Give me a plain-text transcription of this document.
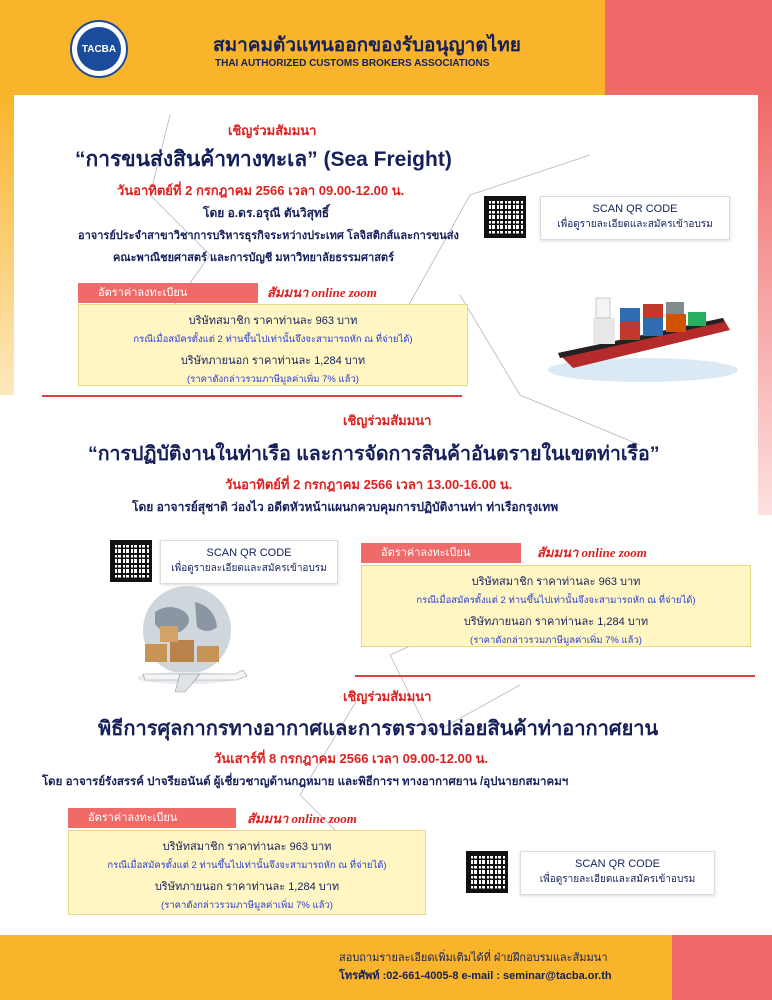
TACBA	สมาคมตัวแทนออกของรับอนุญาตไทย
THAI AUTHORIZED CUSTOMS BROKERS ASSOCIATIONS
เชิญร่วมสัมมนา
“การขนส่งสินค้าทางทะเล” (Sea Freight)
วันอาทิตย์ที่ 2 กรกฎาคม 2566 เวลา 09.00-12.00 น.
โดย อ.ดร.อรุณี ตันวิสุทธิ์
อาจารย์ประจำสาขาวิชาการบริหารธุรกิจระหว่างประเทศ โลจิสติกส์และการขนส่ง
คณะพาณิชยศาสตร์ และการบัญชี มหาวิทยาลัยธรรมศาสตร์
อัตราค่าลงทะเบียน	สัมมนา online zoom
บริษัทสมาชิก ราคาท่านละ 963 บาท
กรณีเมื่อสมัครตั้งแต่ 2 ท่านขึ้นไปเท่านั้นจึงจะสามารถหัก ณ ที่จ่ายได้)
บริษัทภายนอก ราคาท่านละ 1,284 บาท
(ราคาดังกล่าวรวมภาษีมูลค่าเพิ่ม 7% แล้ว)
SCAN QR CODE
เพื่อดูรายละเอียดและสมัครเข้าอบรม
เชิญร่วมสัมมนา
“การปฏิบัติงานในท่าเรือ และการจัดการสินค้าอันตรายในเขตท่าเรือ”
วันอาทิตย์ที่ 2 กรกฎาคม 2566 เวลา 13.00-16.00 น.
โดย อาจารย์สุชาติ ว่องไว อดีตหัวหน้าแผนกควบคุมการปฏิบัติงานท่า ท่าเรือกรุงเทพ
SCAN QR CODE
เพื่อดูรายละเอียดและสมัครเข้าอบรม
อัตราค่าลงทะเบียน	สัมมนา online zoom
บริษัทสมาชิก ราคาท่านละ 963 บาท
กรณีเมื่อสมัครตั้งแต่ 2 ท่านขึ้นไปเท่านั้นจึงจะสามารถหัก ณ ที่จ่ายได้)
บริษัทภายนอก ราคาท่านละ 1,284 บาท
(ราคาดังกล่าวรวมภาษีมูลค่าเพิ่ม 7% แล้ว)
เชิญร่วมสัมมนา
พิธีการศุลกากรทางอากาศและการตรวจปล่อยสินค้าท่าอากาศยาน
วันเสาร์ที่ 8 กรกฎาคม 2566 เวลา 09.00-12.00 น.
โดย อาจารย์รังสรรค์ ปาจรียอนันต์ ผู้เชี่ยวชาญด้านกฎหมาย และพิธีการฯ ทางอากาศยาน /อุปนายกสมาคมฯ
อัตราค่าลงทะเบียน	สัมมนา online zoom
บริษัทสมาชิก ราคาท่านละ 963 บาท
กรณีเมื่อสมัครตั้งแต่ 2 ท่านขึ้นไปเท่านั้นจึงจะสามารถหัก ณ ที่จ่ายได้)
บริษัทภายนอก ราคาท่านละ 1,284 บาท
(ราคาดังกล่าวรวมภาษีมูลค่าเพิ่ม 7% แล้ว)
SCAN QR CODE
เพื่อดูรายละเอียดและสมัครเข้าอบรม
สอบถามรายละเอียดเพิ่มเติมได้ที่ ฝ่ายฝึกอบรมและสัมมนา
โทรศัพท์ :02-661-4005-8 e-mail : seminar@tacba.or.th
